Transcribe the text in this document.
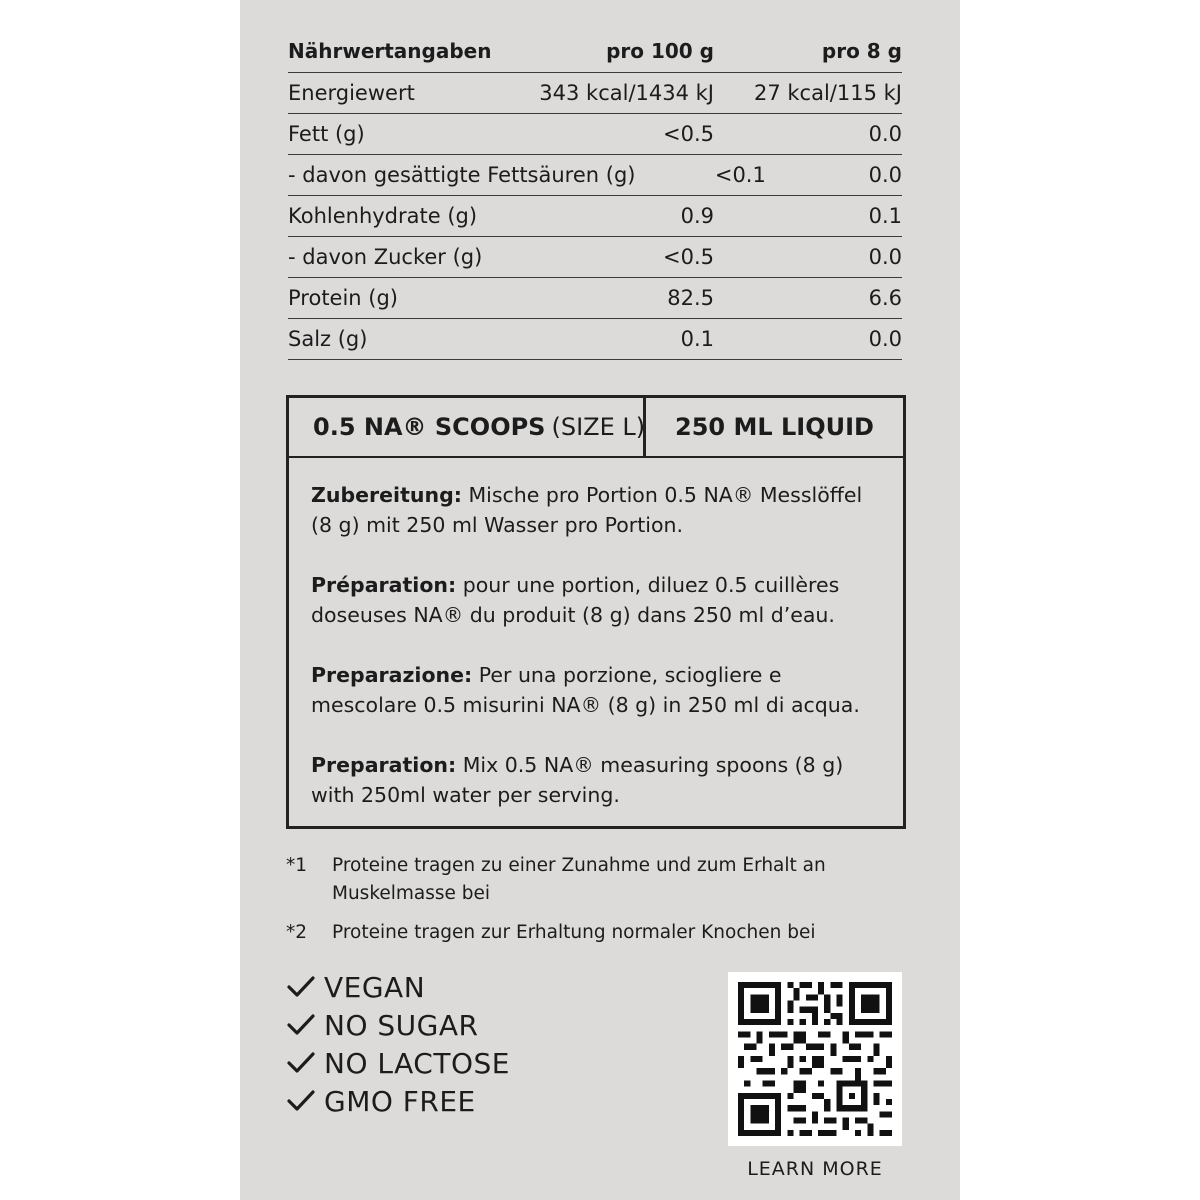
Nährwertangaben	pro 100 g	pro 8 g
Energiewert	343 kcal/1434 kJ	27 kcal/115 kJ
Fett (g)	<0.5	0.0
- davon gesättigte Fettsäuren (g)	<0.1	0.0
Kohlenhydrate (g)	0.9	0.1
- davon Zucker (g)	<0.5	0.0
Protein (g)	82.5	6.6
Salz (g)	0.1	0.0
0.5 NA® SCOOPS (SIZE L)	250 ML LIQUID

Zubereitung: Mische pro Portion 0.5 NA® Messlöffel (8 g) mit 250 ml Wasser pro Portion.

Préparation: pour une portion, diluez 0.5 cuillères doseuses NA® du produit (8 g) dans 250 ml d’eau.

Preparazione: Per una porzione, sciogliere e mescolare 0.5 misurini NA® (8 g) in 250 ml di acqua.

Preparation: Mix 0.5 NA® measuring spoons (8 g) with 250ml water per serving.

*1	Proteine tragen zu einer Zunahme und zum Erhalt an Muskelmasse bei
*2	Proteine tragen zur Erhaltung normaler Knochen bei
VEGAN
NO SUGAR
NO LACTOSE
GMO FREE
LEARN MORE
